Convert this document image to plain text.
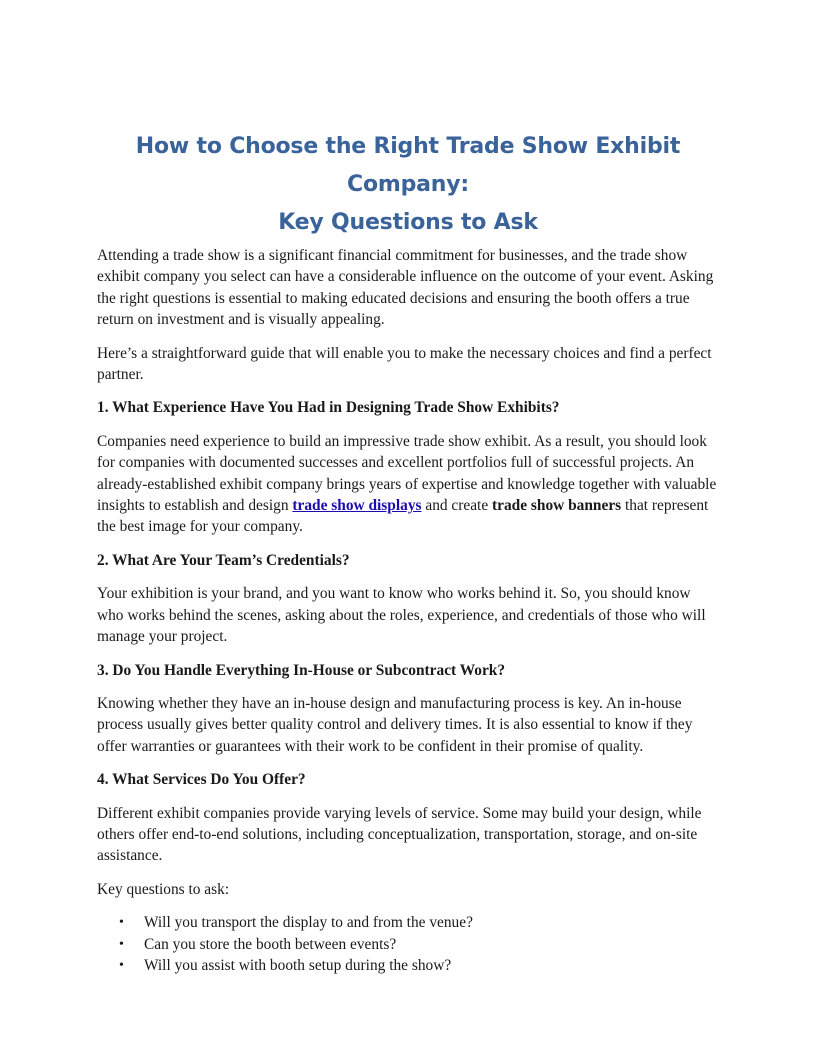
How to Choose the Right Trade Show Exhibit Company:
Key Questions to Ask

Attending a trade show is a significant financial commitment for businesses, and the trade show exhibit company you select can have a considerable influence on the outcome of your event. Asking the right questions is essential to making educated decisions and ensuring the booth offers a true return on investment and is visually appealing.

Here’s a straightforward guide that will enable you to make the necessary choices and find a perfect partner.

1. What Experience Have You Had in Designing Trade Show Exhibits?

Companies need experience to build an impressive trade show exhibit. As a result, you should look for companies with documented successes and excellent portfolios full of successful projects. An already-established exhibit company brings years of expertise and knowledge together with valuable insights to establish and design trade show displays and create trade show banners that represent the best image for your company.

2. What Are Your Team’s Credentials?

Your exhibition is your brand, and you want to know who works behind it. So, you should know who works behind the scenes, asking about the roles, experience, and credentials of those who will manage your project.

3. Do You Handle Everything In-House or Subcontract Work?

Knowing whether they have an in-house design and manufacturing process is key. An in-house process usually gives better quality control and delivery times. It is also essential to know if they offer warranties or guarantees with their work to be confident in their promise of quality.

4. What Services Do You Offer?

Different exhibit companies provide varying levels of service. Some may build your design, while others offer end-to-end solutions, including conceptualization, transportation, storage, and on-site assistance.

Key questions to ask:

• Will you transport the display to and from the venue?
• Can you store the booth between events?
• Will you assist with booth setup during the show?
